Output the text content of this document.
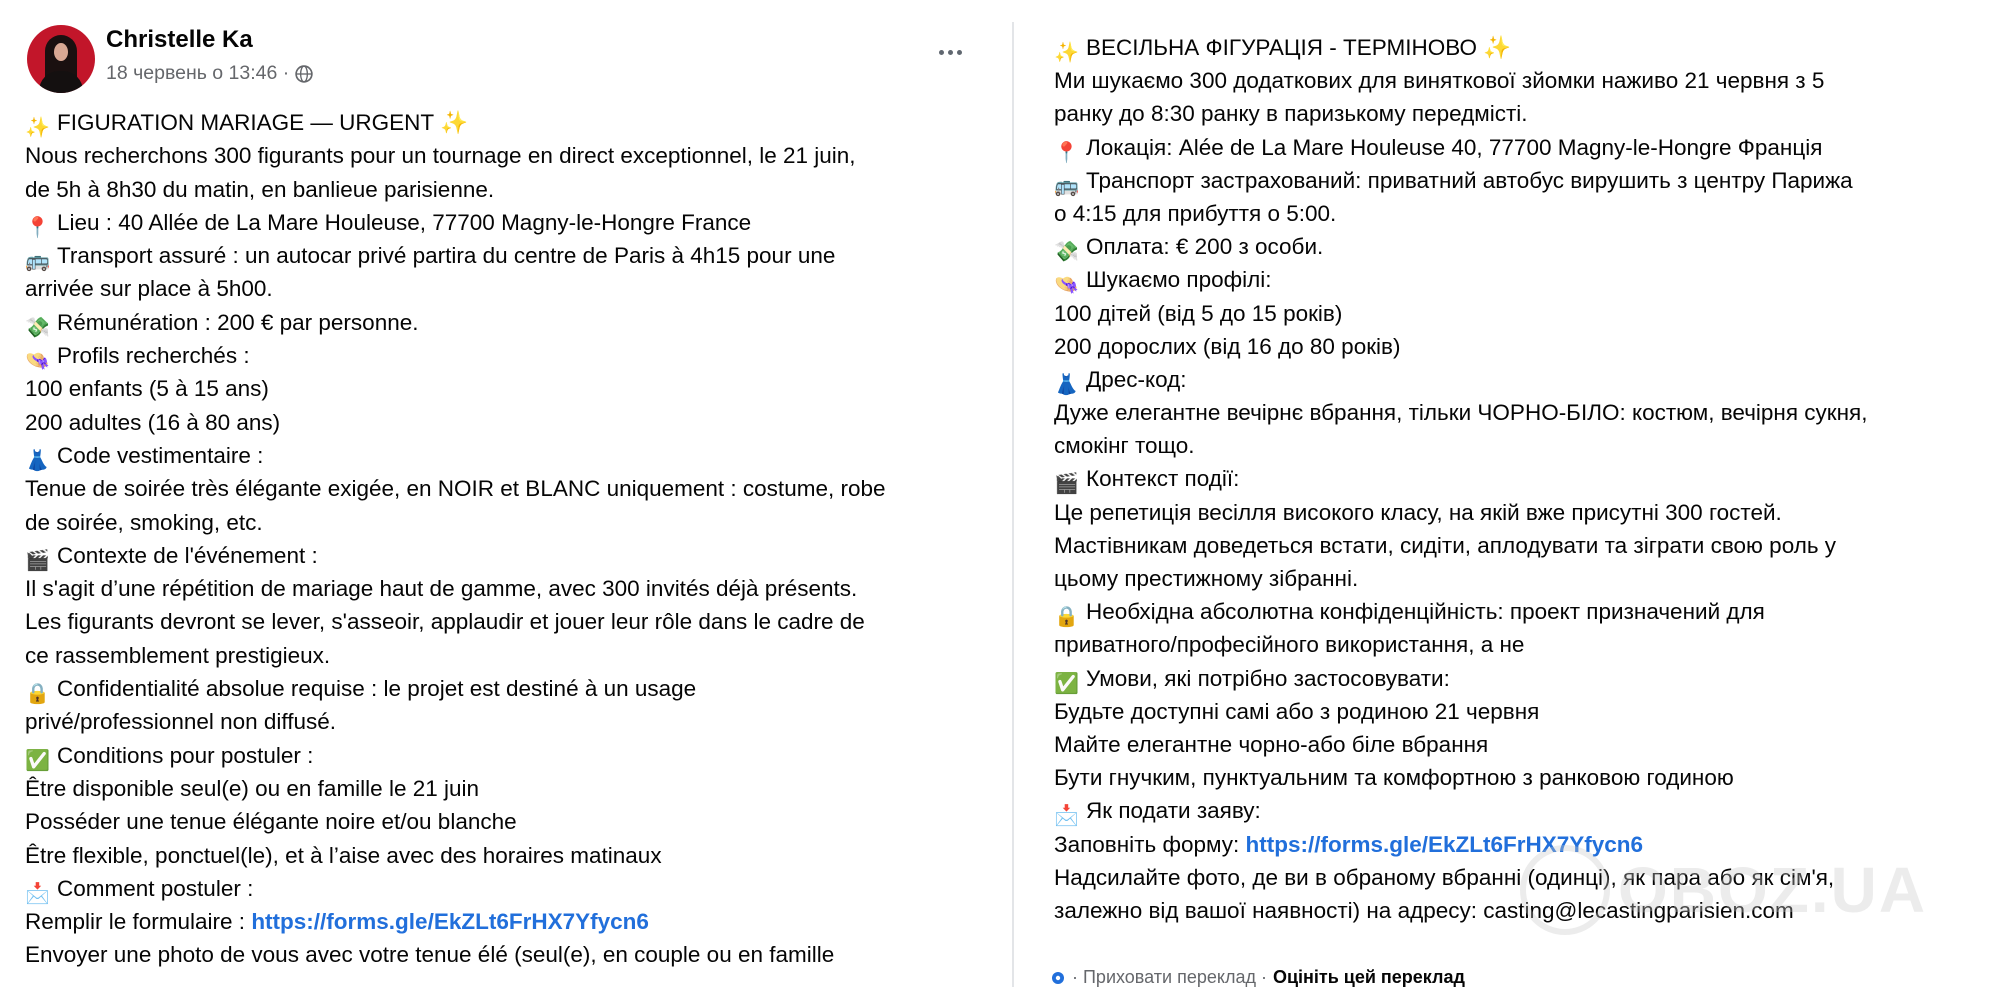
Christelle Ka
18 червень о 13:46 ·
✨ FIGURATION MARIAGE — URGENT ✨
Nous recherchons 300 figurants pour un tournage en direct exceptionnel, le 21 juin,
de 5h à 8h30 du matin, en banlieue parisienne.
📍 Lieu : 40 Allée de La Mare Houleuse, 77700 Magny-le-Hongre France
🚌 Transport assuré : un autocar privé partira du centre de Paris à 4h15 pour une
arrivée sur place à 5h00.
💸 Rémunération : 200 € par personne.
👒 Profils recherchés :
100 enfants (5 à 15 ans)
200 adultes (16 à 80 ans)
👗 Code vestimentaire :
Tenue de soirée très élégante exigée, en NOIR et BLANC uniquement : costume, robe
de soirée, smoking, etc.
🎬 Contexte de l'événement :
Il s'agit d’une répétition de mariage haut de gamme, avec 300 invités déjà présents.
Les figurants devront se lever, s'asseoir, applaudir et jouer leur rôle dans le cadre de
ce rassemblement prestigieux.
🔒 Confidentialité absolue requise : le projet est destiné à un usage
privé/professionnel non diffusé.
✅ Conditions pour postuler :
Être disponible seul(e) ou en famille le 21 juin
Posséder une tenue élégante noire et/ou blanche
Être flexible, ponctuel(le), et à l’aise avec des horaires matinaux
📩 Comment postuler :
Remplir le formulaire : https://forms.gle/EkZLt6FrHX7Yfycn6
Envoyer une photo de vous avec votre tenue élé (seul(e), en couple ou en famille
✨ ВЕСІЛЬНА ФІГУРАЦІЯ - ТЕРМІНОВО ✨
Ми шукаємо 300 додаткових для виняткової зйомки наживо 21 червня з 5
ранку до 8:30 ранку в паризькому передмісті.
📍 Локація: Alée de La Mare Houleuse 40, 77700 Magny-le-Hongre Франція
🚌 Транспорт застрахований: приватний автобус вирушить з центру Парижа
о 4:15 для прибуття о 5:00.
💸 Оплата: € 200 з особи.
👒 Шукаємо профілі:
100 дітей (від 5 до 15 років)
200 дорослих (від 16 до 80 років)
👗 Дрес-код:
Дуже елегантне вечірнє вбрання, тільки ЧОРНО-БІЛО: костюм, вечірня сукня,
смокінг тощо.
🎬 Контекст події:
Це репетиція весілля високого класу, на якій вже присутні 300 гостей.
Мастівникам доведеться встати, сидіти, аплодувати та зіграти свою роль у
цьому престижному зібранні.
🔒 Необхідна абсолютна конфіденційність: проект призначений для
приватного/професійного використання, а не
✅ Умови, які потрібно застосовувати:
Будьте доступні самі або з родиною 21 червня
Майте елегантне чорно-або біле вбрання
Бути гнучким, пунктуальним та комфортною з ранковою годиною
📩 Як подати заяву:
Заповніть форму: https://forms.gle/EkZLt6FrHX7Yfycn6
Надсилайте фото, де ви в обраному вбранні (одинці), як пара або як сім'я,
залежно від вашої наявності) на адресу: casting@lecastingparisien.com
· Приховати переклад · Оцініть цей переклад
OBOZ.UA
